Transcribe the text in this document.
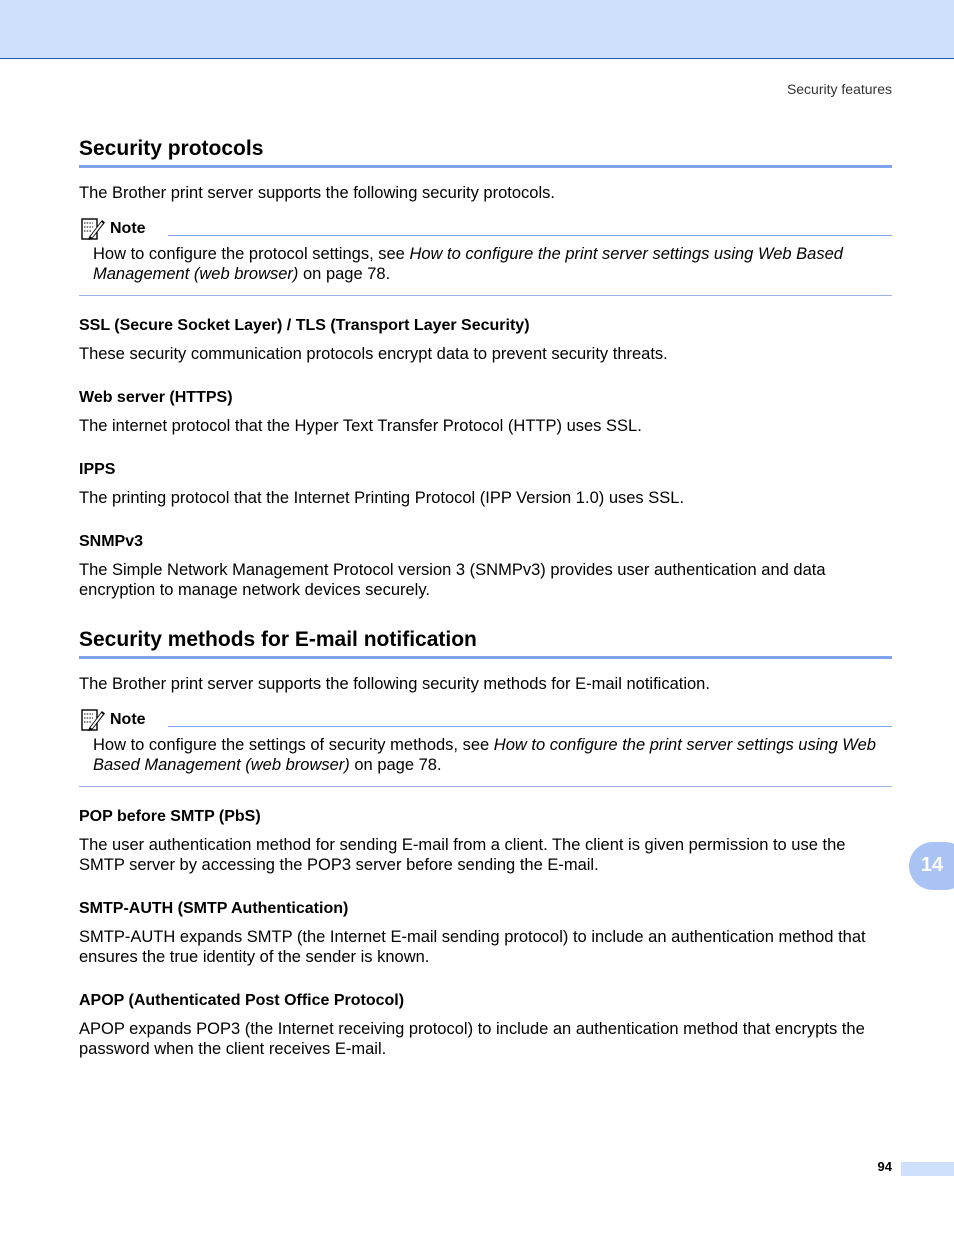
Security features
Security protocols

The Brother print server supports the following security protocols.

Note

How to configure the protocol settings, see How to configure the print server settings using Web Based Management (web browser) on page 78.

SSL (Secure Socket Layer) / TLS (Transport Layer Security)

These security communication protocols encrypt data to prevent security threats.

Web server (HTTPS)

The internet protocol that the Hyper Text Transfer Protocol (HTTP) uses SSL.

IPPS

The printing protocol that the Internet Printing Protocol (IPP Version 1.0) uses SSL.

SNMPv3

The Simple Network Management Protocol version 3 (SNMPv3) provides user authentication and data encryption to manage network devices securely.

Security methods for E-mail notification

The Brother print server supports the following security methods for E-mail notification.

Note

How to configure the settings of security methods, see How to configure the print server settings using Web Based Management (web browser) on page 78.

POP before SMTP (PbS)

The user authentication method for sending E-mail from a client. The client is given permission to use the SMTP server by accessing the POP3 server before sending the E-mail.

SMTP-AUTH (SMTP Authentication)

SMTP-AUTH expands SMTP (the Internet E-mail sending protocol) to include an authentication method that ensures the true identity of the sender is known.

APOP (Authenticated Post Office Protocol)

APOP expands POP3 (the Internet receiving protocol) to include an authentication method that encrypts the password when the client receives E-mail.

14
94
